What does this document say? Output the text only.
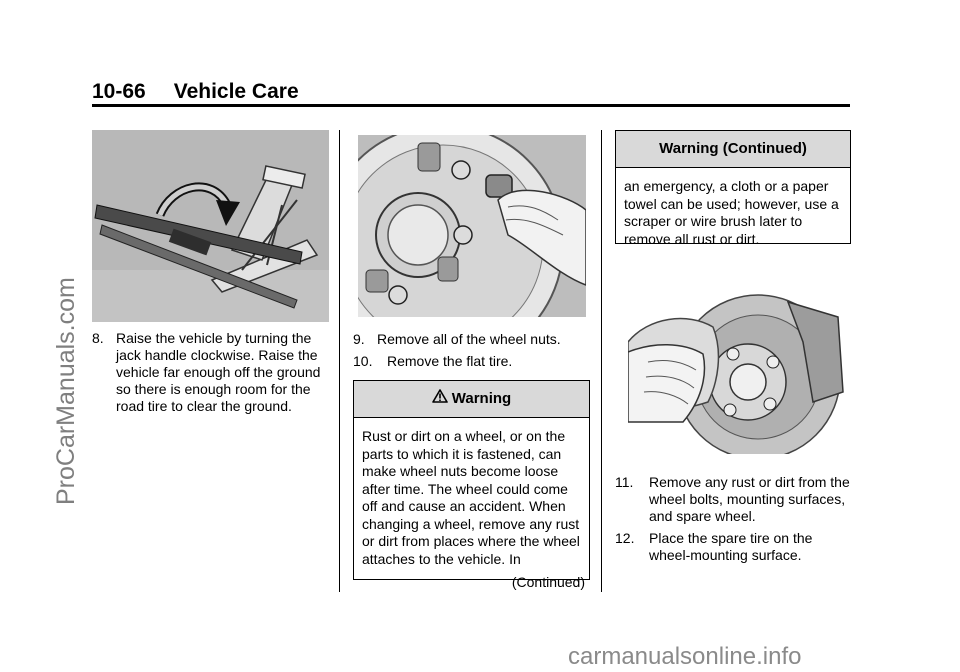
10-66 Vehicle Care
ProCarManuals.com 8. Raise the vehicle by turning the jack handle clockwise. Raise the vehicle far enough off the ground so there is enough room for the road tire to clear the ground.
9. Remove all of the wheel nuts.
10. Remove the flat tire.
Warning
Rust or dirt on a wheel, or on the parts to which it is fastened, can make wheel nuts become loose after time. The wheel could come off and cause an accident. When changing a wheel, remove any rust or dirt from places where the wheel attaches to the vehicle. In
(Continued)
Warning (Continued)
an emergency, a cloth or a paper towel can be used; however, use a scraper or wire brush later to remove all rust or dirt.
11. Remove any rust or dirt from the wheel bolts, mounting surfaces, and spare wheel.
12. Place the spare tire on the wheel-mounting surface.
carmanualsonline.info
